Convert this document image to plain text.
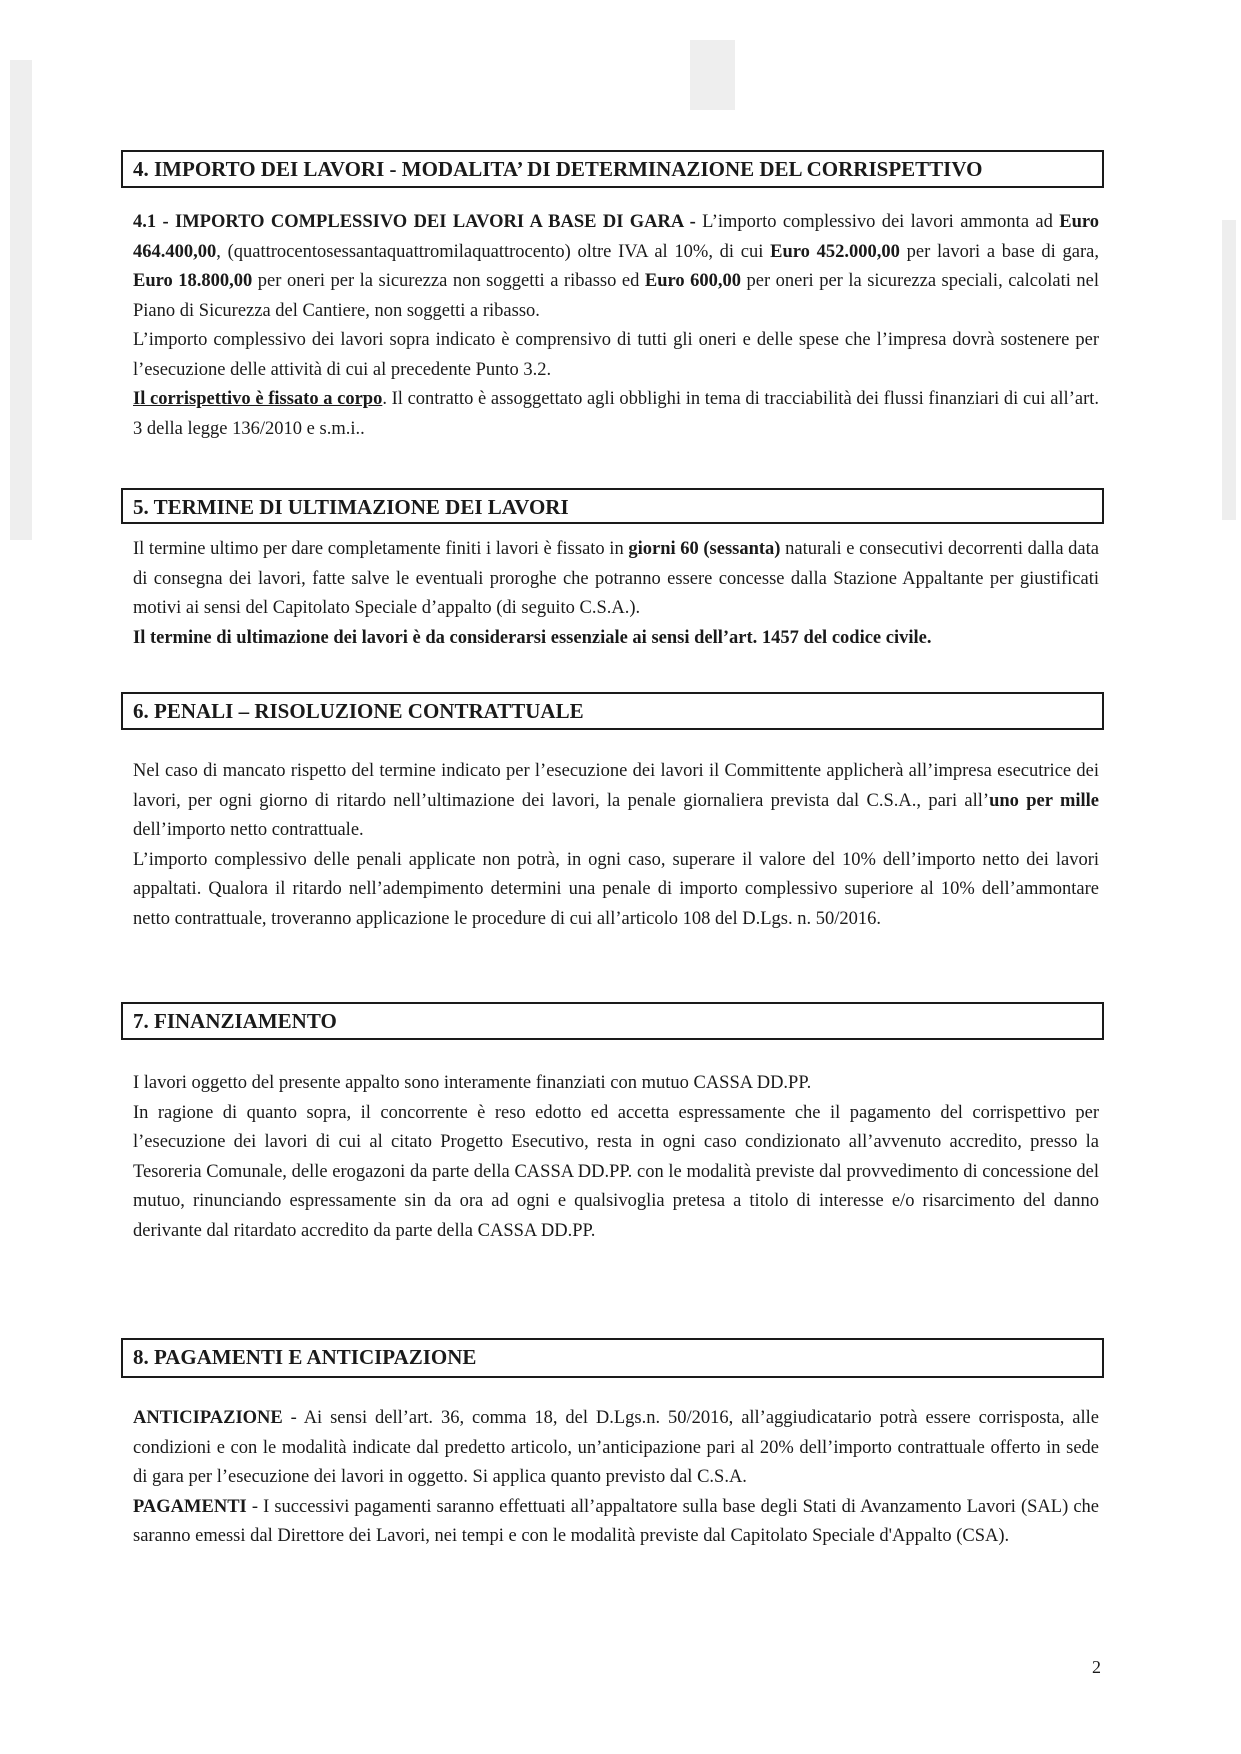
4. IMPORTO DEI LAVORI - MODALITA’ DI DETERMINAZIONE DEL CORRISPETTIVO

4.1 - IMPORTO COMPLESSIVO DEI LAVORI A BASE DI GARA - L’importo complessivo dei lavori ammonta ad Euro 464.400,00, (quattrocentosessantaquattromilaquattrocento) oltre IVA al 10%, di cui Euro 452.000,00 per lavori a base di gara, Euro 18.800,00 per oneri per la sicurezza non soggetti a ribasso ed Euro 600,00 per oneri per la sicurezza speciali, calcolati nel Piano di Sicurezza del Cantiere, non soggetti a ribasso.

L’importo complessivo dei lavori sopra indicato è comprensivo di tutti gli oneri e delle spese che l’impresa dovrà sostenere per l’esecuzione delle attività di cui al precedente Punto 3.2.

Il corrispettivo è fissato a corpo. Il contratto è assoggettato agli obblighi in tema di tracciabilità dei flussi finanziari di cui all’art. 3 della legge 136/2010 e s.m.i..

5. TERMINE DI ULTIMAZIONE DEI LAVORI

Il termine ultimo per dare completamente finiti i lavori è fissato in giorni 60 (sessanta) naturali e consecutivi decorrenti dalla data di consegna dei lavori, fatte salve le eventuali proroghe che potranno essere concesse dalla Stazione Appaltante per giustificati motivi ai sensi del Capitolato Speciale d’appalto (di seguito C.S.A.).

Il termine di ultimazione dei lavori è da considerarsi essenziale ai sensi dell’art. 1457 del codice civile.

6. PENALI – RISOLUZIONE CONTRATTUALE

Nel caso di mancato rispetto del termine indicato per l’esecuzione dei lavori il Committente applicherà all’impresa esecutrice dei lavori, per ogni giorno di ritardo nell’ultimazione dei lavori, la penale giornaliera prevista dal C.S.A., pari all’uno per mille dell’importo netto contrattuale.

L’importo complessivo delle penali applicate non potrà, in ogni caso, superare il valore del 10% dell’importo netto dei lavori appaltati. Qualora il ritardo nell’adempimento determini una penale di importo complessivo superiore al 10% dell’ammontare netto contrattuale, troveranno applicazione le procedure di cui all’articolo 108 del D.Lgs. n. 50/2016.

7. FINANZIAMENTO

I lavori oggetto del presente appalto sono interamente finanziati con mutuo CASSA DD.PP.

In ragione di quanto sopra, il concorrente è reso edotto ed accetta espressamente che il pagamento del corrispettivo per l’esecuzione dei lavori di cui al citato Progetto Esecutivo, resta in ogni caso condizionato all’avvenuto accredito, presso la Tesoreria Comunale, delle erogazoni da parte della CASSA DD.PP. con le modalità previste dal provvedimento di concessione del mutuo, rinunciando espressamente sin da ora ad ogni e qualsivoglia pretesa a titolo di interesse e/o risarcimento del danno derivante dal ritardato accredito da parte della CASSA DD.PP.

8. PAGAMENTI E ANTICIPAZIONE

ANTICIPAZIONE - Ai sensi dell’art. 36, comma 18, del D.Lgs.n. 50/2016, all’aggiudicatario potrà essere corrisposta, alle condizioni e con le modalità indicate dal predetto articolo, un’anticipazione pari al 20% dell’importo contrattuale offerto in sede di gara per l’esecuzione dei lavori in oggetto. Si applica quanto previsto dal C.S.A.

PAGAMENTI - I successivi pagamenti saranno effettuati all’appaltatore sulla base degli Stati di Avanzamento Lavori (SAL) che saranno emessi dal Direttore dei Lavori, nei tempi e con le modalità previste dal Capitolato Speciale d'Appalto (CSA).

2
